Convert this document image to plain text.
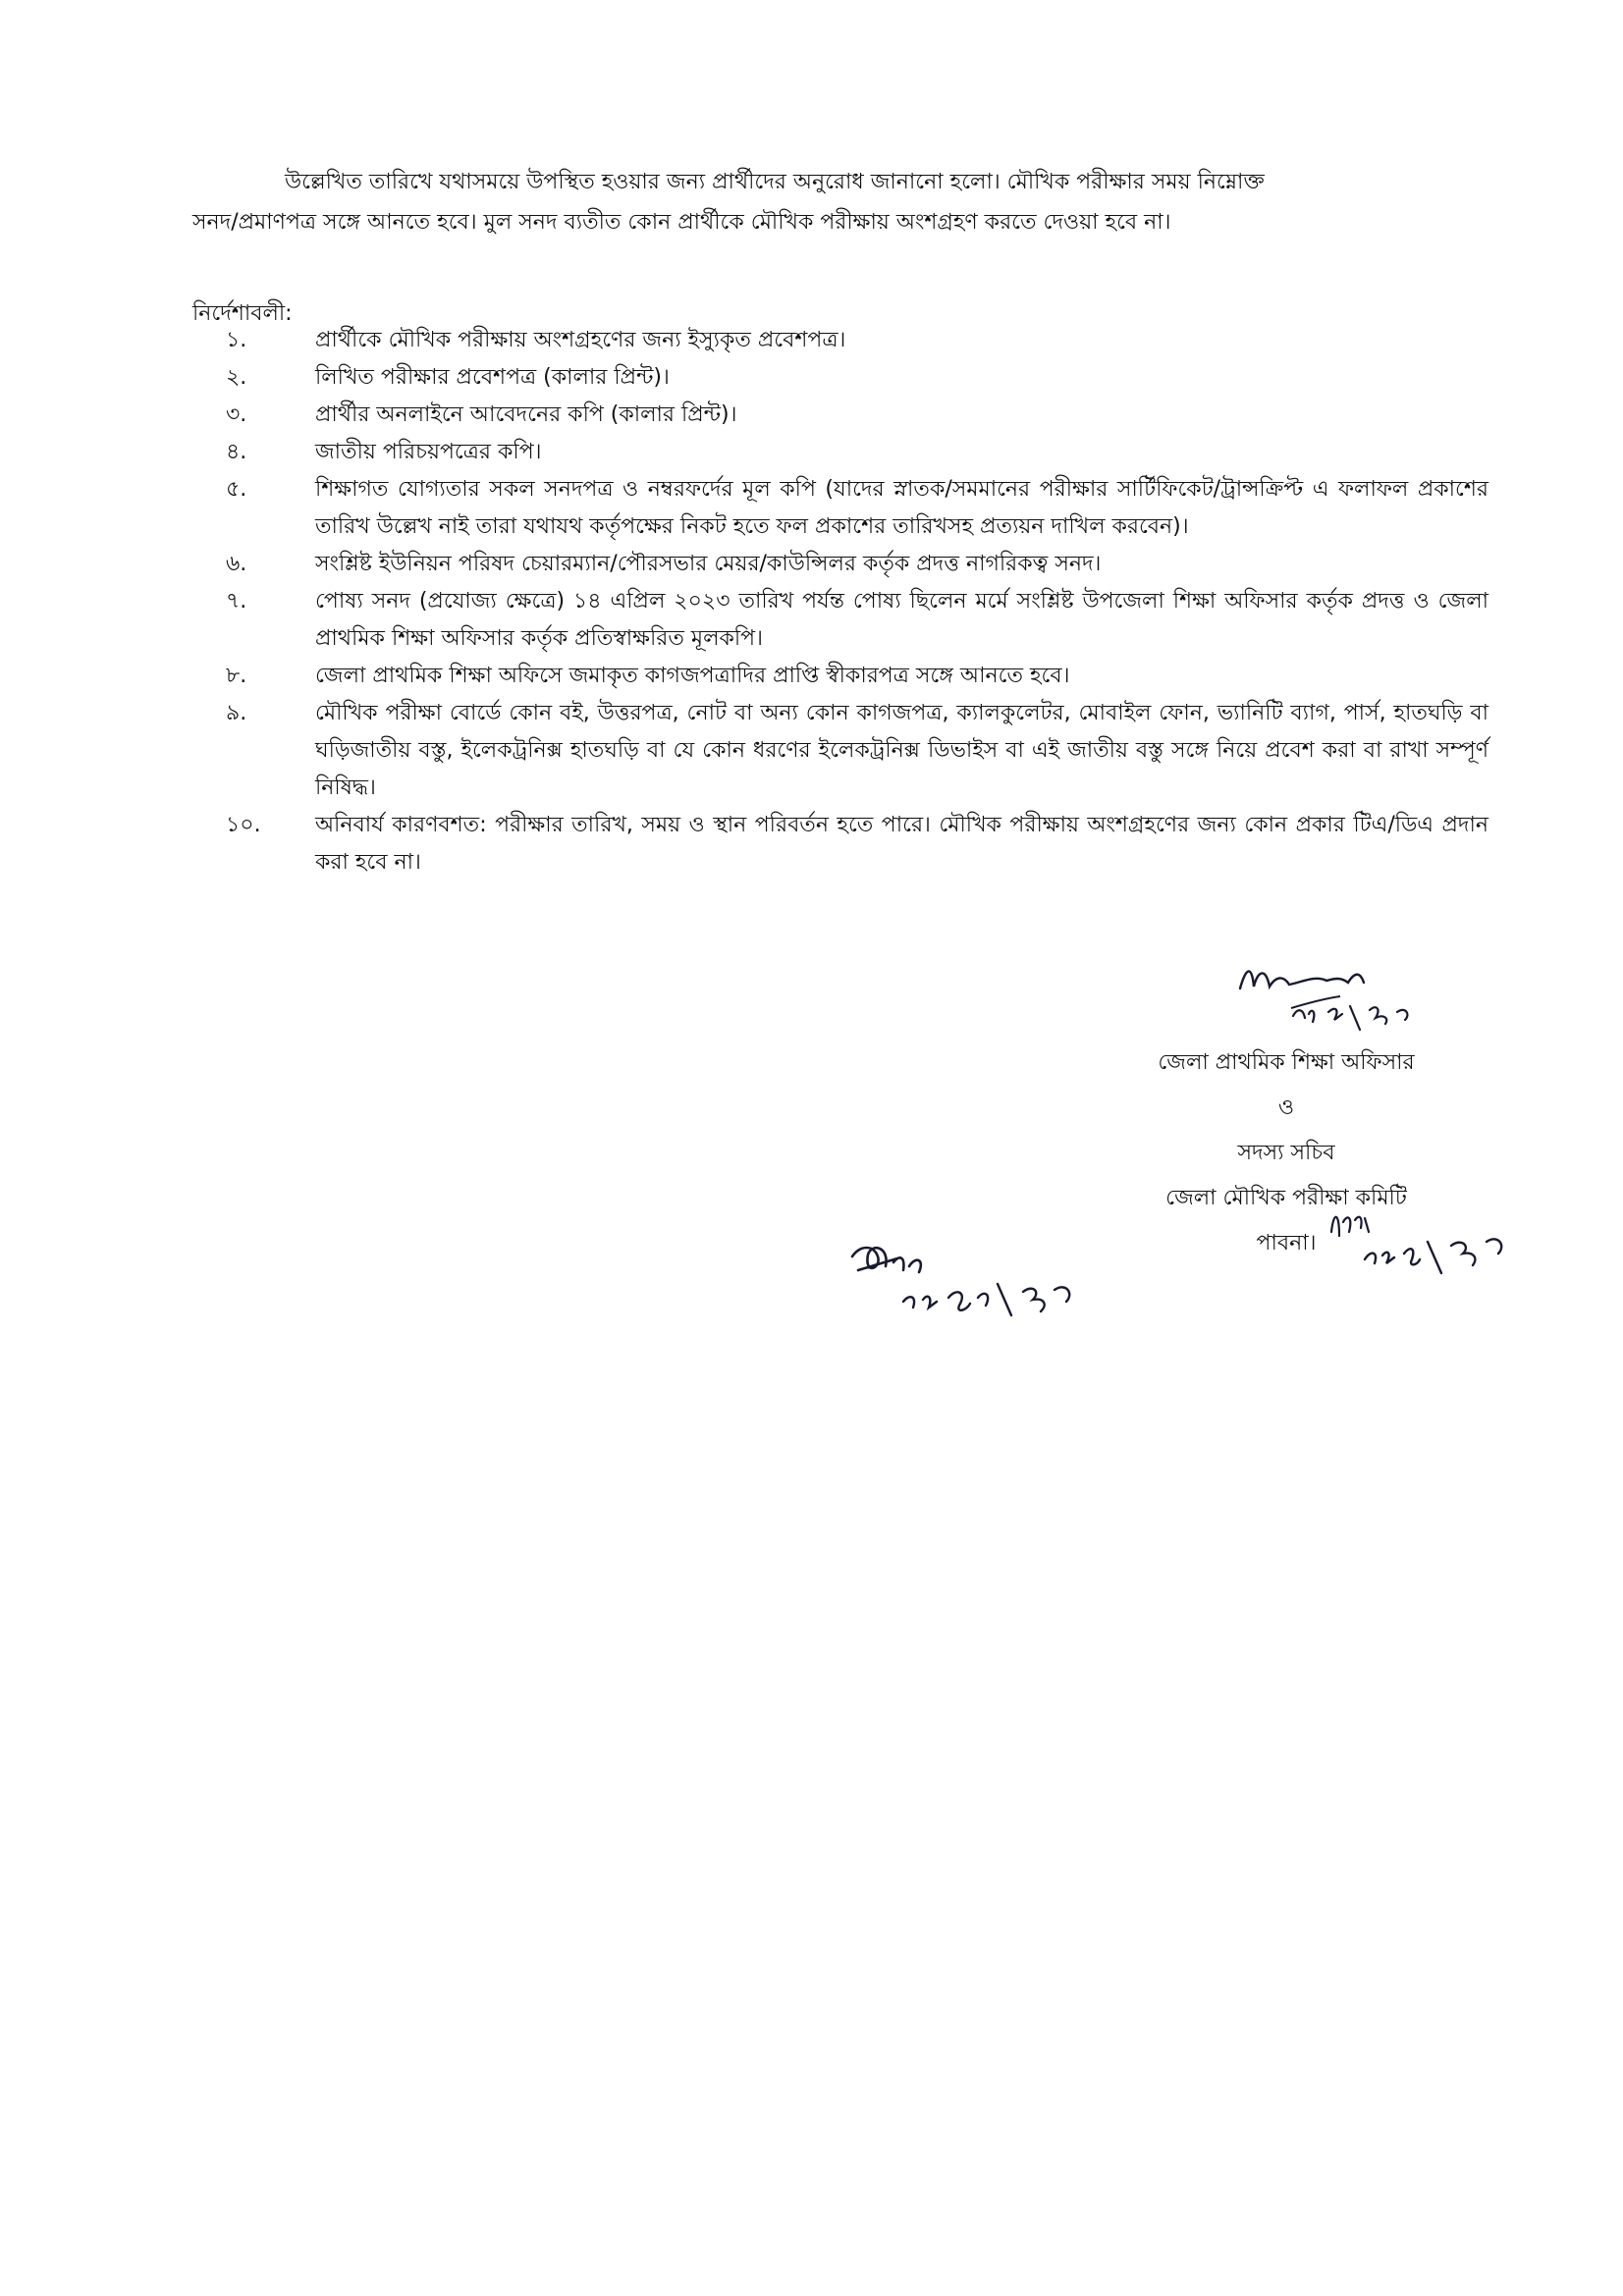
উল্লেখিত তারিখে যথাসময়ে উপস্থিত হওয়ার জন্য প্রার্থীদের অনুরোধ জানানো হলো। মৌখিক পরীক্ষার সময় নিম্নোক্ত

সনদ/প্রমাণপত্র সঙ্গে আনতে হবে। মুল সনদ ব্যতীত কোন প্রার্থীকে মৌখিক পরীক্ষায় অংশগ্রহণ করতে দেওয়া হবে না।

নির্দেশাবলী:
১.	প্রার্থীকে মৌখিক পরীক্ষায় অংশগ্রহণের জন্য ইস্যুকৃত প্রবেশপত্র।
২.	লিখিত পরীক্ষার প্রবেশপত্র (কালার প্রিন্ট)।
৩.	প্রার্থীর অনলাইনে আবেদনের কপি (কালার প্রিন্ট)।
৪.	জাতীয় পরিচয়পত্রের কপি।
৫.	শিক্ষাগত যোগ্যতার সকল সনদপত্র ও নম্বরফর্দের মূল কপি (যাদের স্নাতক/সমমানের পরীক্ষার সার্টিফিকেট/ট্রান্সক্রিপ্ট এ ফলাফল প্রকাশের তারিখ উল্লেখ নাই তারা যথাযথ কর্তৃপক্ষের নিকট হতে ফল প্রকাশের তারিখসহ প্রত্যয়ন দাখিল করবেন)।
৬.	সংশ্লিষ্ট ইউনিয়ন পরিষদ চেয়ারম্যান/পৌরসভার মেয়র/কাউন্সিলর কর্তৃক প্রদত্ত নাগরিকত্ব সনদ।
৭.	পোষ্য সনদ (প্রযোজ্য ক্ষেত্রে) ১৪ এপ্রিল ২০২৩ তারিখ পর্যন্ত পোষ্য ছিলেন মর্মে সংশ্লিষ্ট উপজেলা শিক্ষা অফিসার কর্তৃক প্রদত্ত ও জেলা প্রাথমিক শিক্ষা অফিসার কর্তৃক প্রতিস্বাক্ষরিত মূলকপি।
৮.	জেলা প্রাথমিক শিক্ষা অফিসে জমাকৃত কাগজপত্রাদির প্রাপ্তি স্বীকারপত্র সঙ্গে আনতে হবে।
৯.	মৌখিক পরীক্ষা বোর্ডে কোন বই, উত্তরপত্র, নোট বা অন্য কোন কাগজপত্র, ক্যালকুলেটর, মোবাইল ফোন, ভ্যানিটি ব্যাগ, পার্স, হাতঘড়ি বা ঘড়িজাতীয় বস্তু, ইলেকট্রনিক্স হাতঘড়ি বা যে কোন ধরণের ইলেকট্রনিক্স ডিভাইস বা এই জাতীয় বস্তু সঙ্গে নিয়ে প্রবেশ করা বা রাখা সম্পূর্ণ নিষিদ্ধ।
১০.	অনিবার্য কারণবশত: পরীক্ষার তারিখ, সময় ও স্থান পরিবর্তন হতে পারে। মৌখিক পরীক্ষায় অংশগ্রহণের জন্য কোন প্রকার টিএ/ডিএ প্রদান করা হবে না।
জেলা প্রাথমিক শিক্ষা অফিসার
ও
সদস্য সচিব
জেলা মৌখিক পরীক্ষা কমিটি
পাবনা।
